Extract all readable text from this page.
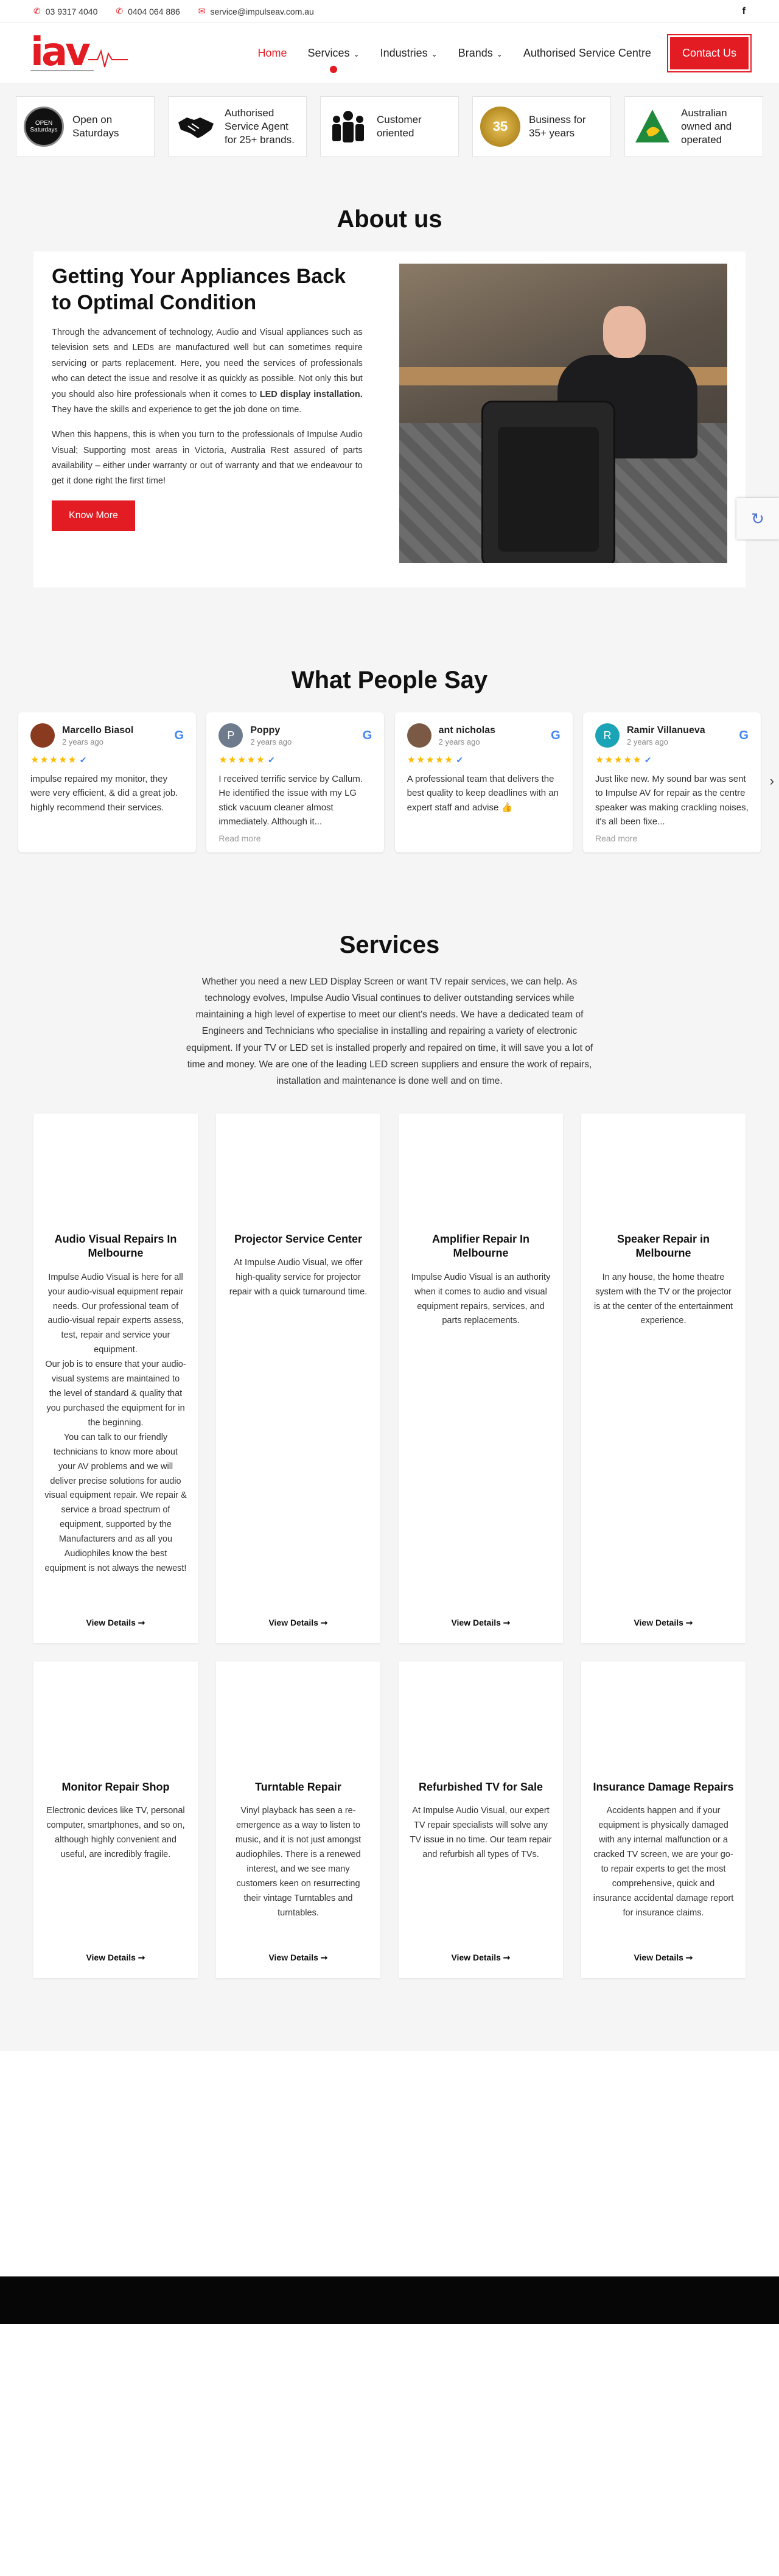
✆ 03 9317 4040 ✆ 0404 064 886 ✉ service@impulseav.com.au	f
iav	Home Services ⌄ Industries ⌄ Brands ⌄ Authorised Service Centre	Contact Us
OPEN Saturdays
Open on Saturdays
Authorised Service Agent for 25+ brands.
Customer oriented	35	Business for 35+ years
Australian owned and operated
About us
Getting Your Appliances Back to Optimal Condition

Through the advancement of technology, Audio and Visual appliances such as television sets and LEDs are manufactured well but can sometimes require servicing or parts replacement. Here, you need the services of professionals who can detect the issue and resolve it as quickly as possible. Not only this but you should also hire professionals when it comes to LED display installation. They have the skills and experience to get the job done on time.

When this happens, this is when you turn to the professionals of Impulse Audio Visual; Supporting most areas in Victoria, Australia Rest assured of parts availability – either under warranty or out of warranty and that we endeavour to get it done right the first time!

Know More
What People Say
Marcello Biasol
2 years ago	G
★★★★★ ✔
impulse repaired my monitor, they were very efficient, & did a great job. highly recommend their services.
P	Poppy
2 years ago	G
★★★★★ ✔
I received terrific service by Callum. He identified the issue with my LG stick vacuum cleaner almost immediately. Although it...
Read more
ant nicholas
2 years ago	G
★★★★★ ✔
A professional team that delivers the best quality to keep deadlines with an expert staff and advise 👍
R	Ramir Villanueva
2 years ago	G
★★★★★ ✔
Just like new. My sound bar was sent to Impulse AV for repair as the centre speaker was making crackling noises, it's all been fixe...
Read more
›
Services

Whether you need a new LED Display Screen or want TV repair services, we can help. As technology evolves, Impulse Audio Visual continues to deliver outstanding services while maintaining a high level of expertise to meet our client's needs. We have a dedicated team of Engineers and Technicians who specialise in installing and repairing a variety of electronic equipment. If your TV or LED set is installed properly and repaired on time, it will save you a lot of time and money. We are one of the leading LED screen suppliers and ensure the work of repairs, installation and maintenance is done well and on time.

Audio Visual Repairs In Melbourne

Impulse Audio Visual is here for all your audio-visual equipment repair needs. Our professional team of audio-visual repair experts assess, test, repair and service your equipment.
Our job is to ensure that your audio-visual systems are maintained to the level of standard & quality that you purchased the equipment for in the beginning.
You can talk to our friendly technicians to know more about your AV problems and we will deliver precise solutions for audio visual equipment repair. We repair & service a broad spectrum of equipment, supported by the Manufacturers and as all you Audiophiles know the best equipment is not always the newest!

View Details ➞
Projector Service Center

At Impulse Audio Visual, we offer high-quality service for projector repair with a quick turnaround time.

View Details ➞
Amplifier Repair In Melbourne

Impulse Audio Visual is an authority when it comes to audio and visual equipment repairs, services, and parts replacements.

View Details ➞
Speaker Repair in Melbourne

In any house, the home theatre system with the TV or the projector is at the center of the entertainment experience.

View Details ➞
Monitor Repair Shop

Electronic devices like TV, personal computer, smartphones, and so on, although highly convenient and useful, are incredibly fragile.

View Details ➞
Turntable Repair

Vinyl playback has seen a re-emergence as a way to listen to music, and it is not just amongst audiophiles. There is a renewed interest, and we see many customers keen on resurrecting their vintage Turntables and turntables.

View Details ➞
Refurbished TV for Sale

At Impulse Audio Visual, our expert TV repair specialists will solve any TV issue in no time. Our team repair and refurbish all types of TVs.

View Details ➞
Insurance Damage Repairs

Accidents happen and if your equipment is physically damaged with any internal malfunction or a cracked TV screen, we are your go-to repair experts to get the most comprehensive, quick and insurance accidental damage report for insurance claims.

View Details ➞
↻
